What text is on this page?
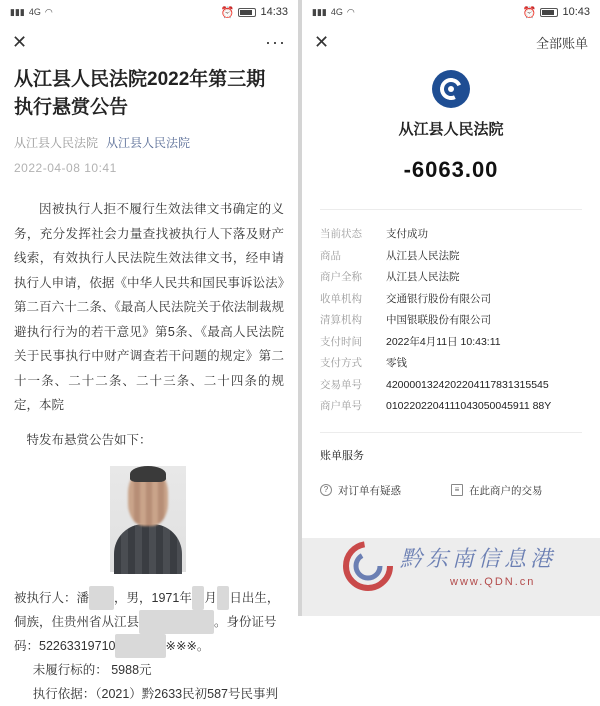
▮▮▮ 4G ◠	⏰ 14:33
✕	···
从江县人民法院2022年第三期执行悬赏公告
从江县人民法院 从江县人民法院
2022-04-08 10:41
因被执行人拒不履行生效法律文书确定的义务，充分发挥社会力量查找被执行人下落及财产线索，有效执行人民法院生效法律文书，经申请执行人申请，依据《中华人民共和国民事诉讼法》第二百六十二条、《最高人民法院关于依法制裁规避执行行为的若干意见》第5条、《最高人民法院关于民事执行中财产调查若干问题的规定》第二十一条、二十二条、二十三条、二十四条的规定，本院
特发布悬赏公告如下：
被执行人：潘 ，男，1971年 月 日出生，侗族，住贵州省从江县	。身份证号码：52263319710	※※※。
未履行标的： 5988元
执行依据：（2021）黔2633民初587号民事判
▮▮▮ 4G ◠	⏰ 10:43
✕	全部账单
从江县人民法院
-6063.00
当前状态	支付成功
商品	从江县人民法院
商户全称	从江县人民法院
收单机构	交通银行股份有限公司
清算机构	中国银联股份有限公司
支付时间	2022年4月11日 10:43:11
支付方式	零钱
交易单号	4200001324202204117831315545
商户单号	0102202204111043050045911 88Y
账单服务
? 对订单有疑惑	≡ 在此商户的交易
黔东南信息港
www.QDN.cn
